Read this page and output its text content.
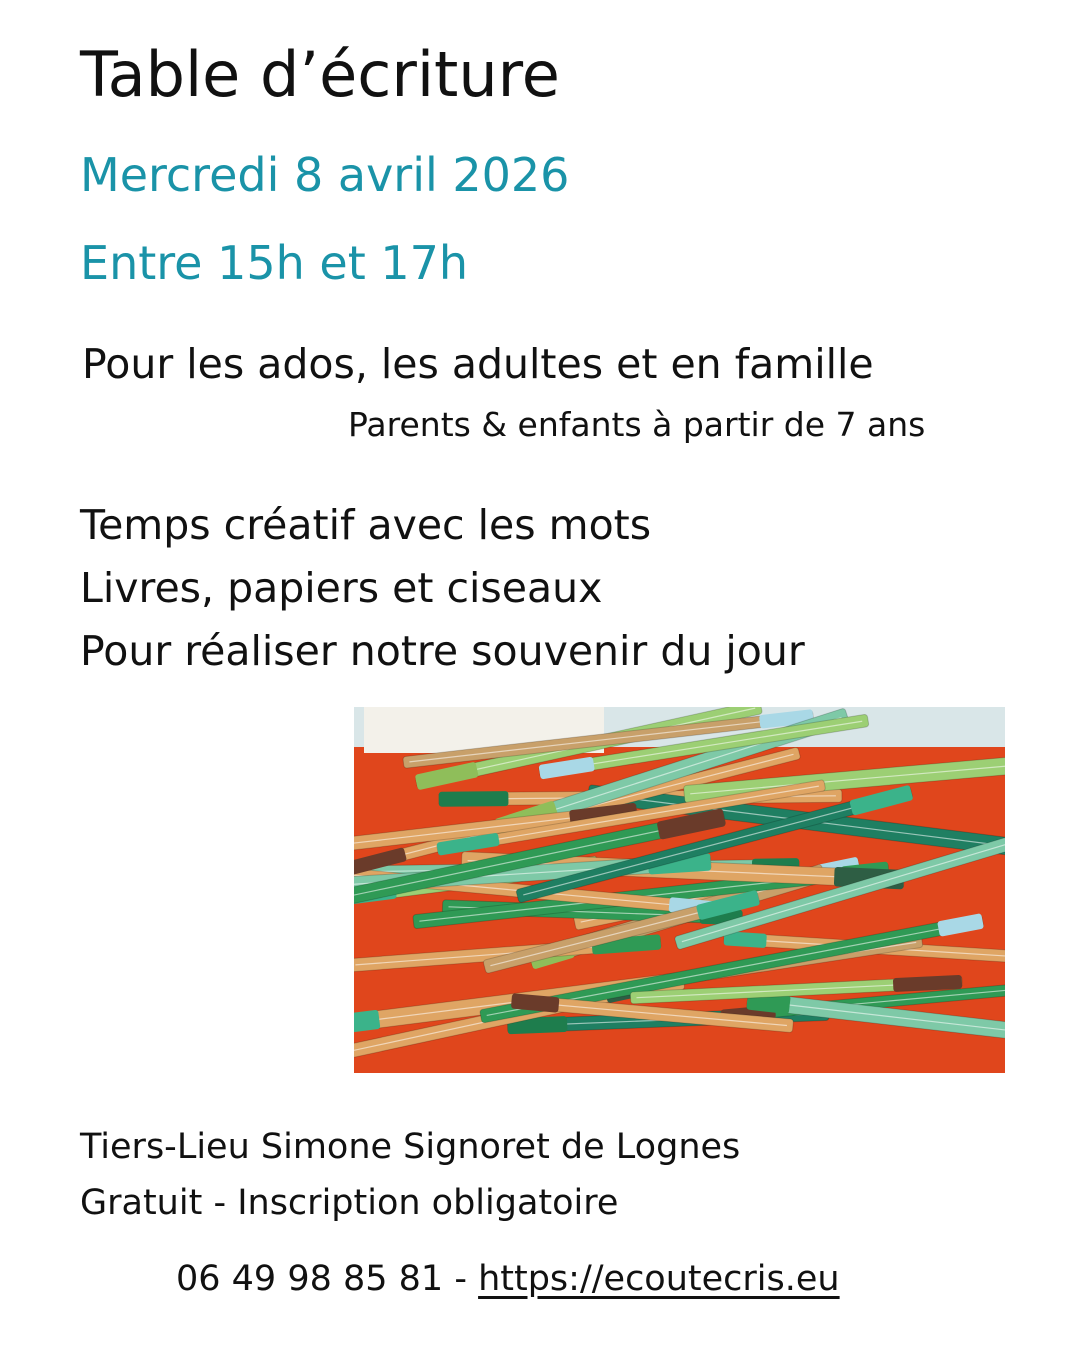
Table d’écriture
Mercredi 8 avril 2026
Entre 15h et 17h
Pour les ados, les adultes et en famille
Parents & enfants à partir de 7 ans
Temps créatif avec les mots
Livres, papiers et ciseaux
Pour réaliser notre souvenir du jour
Tiers-Lieu Simone Signoret de Lognes
Gratuit - Inscription obligatoire
06 49 98 85 81 - https://ecoutecris.eu
